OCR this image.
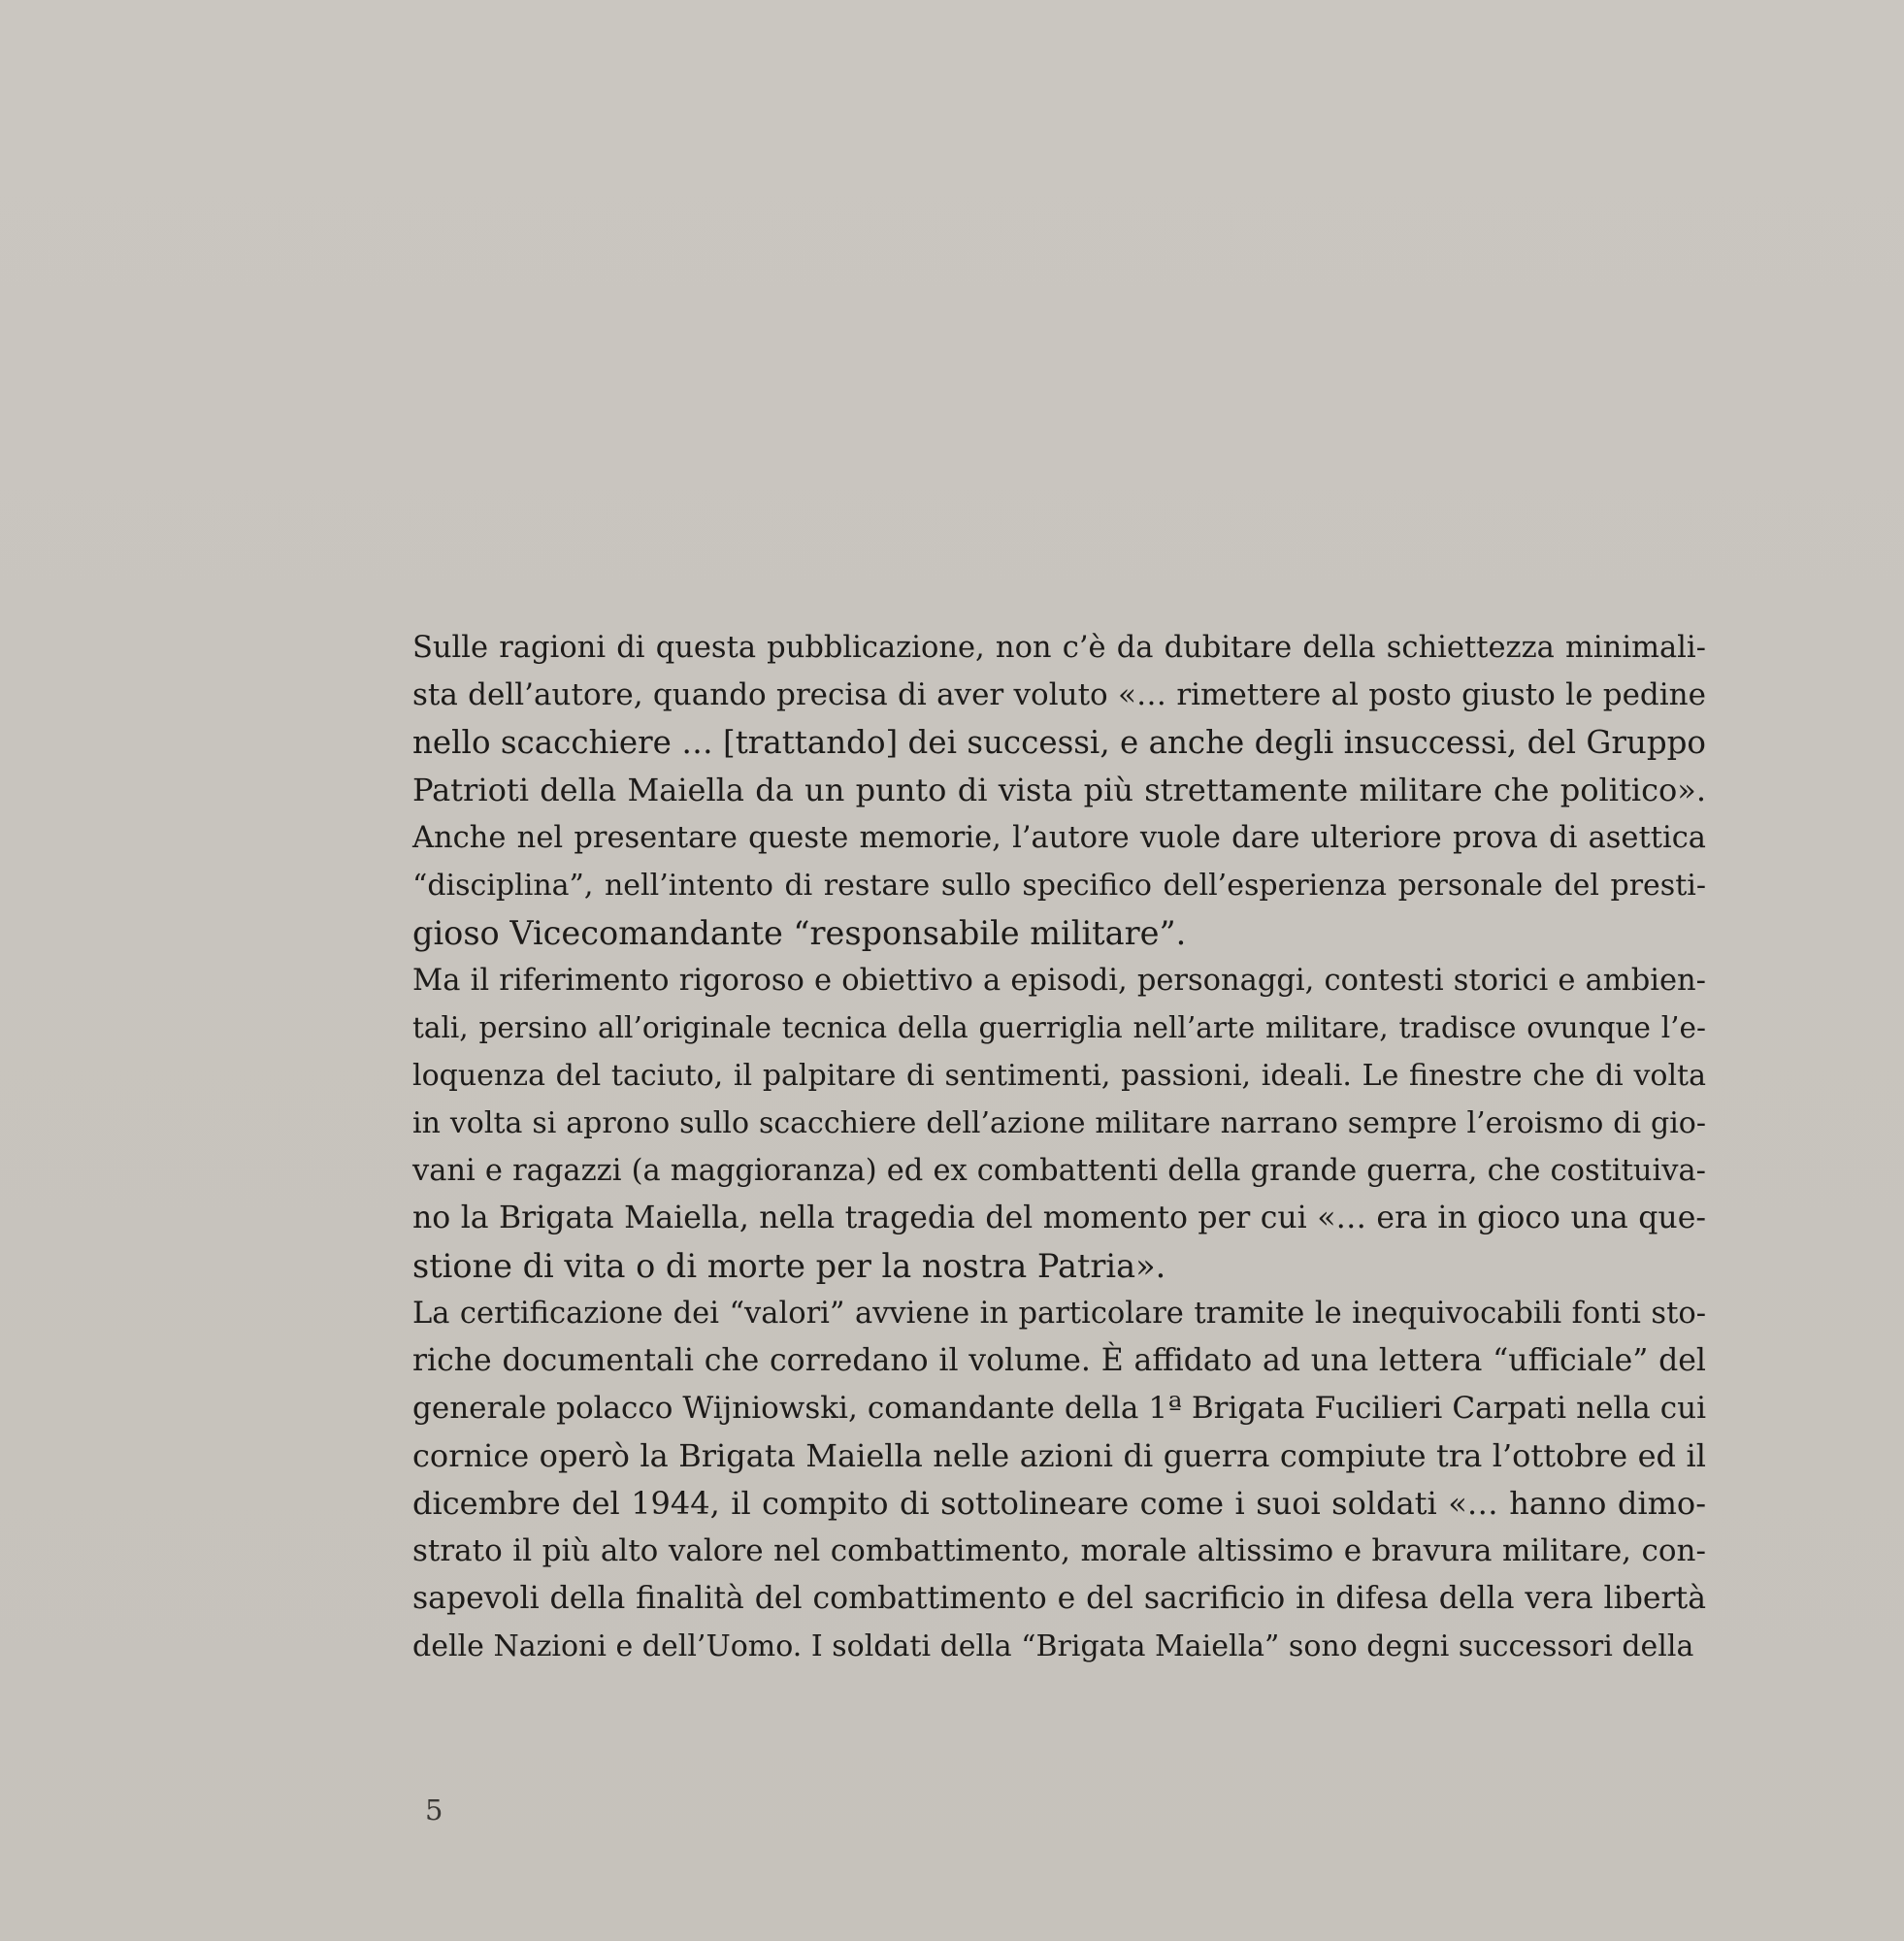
Sulle ragioni di questa pubblicazione, non c’è da dubitare della schiettezza minimali-
sta dell’autore, quando precisa di aver voluto «… rimettere al posto giusto le pedine
nello scacchiere … [trattando] dei successi, e anche degli insuccessi, del Gruppo
Patrioti della Maiella da un punto di vista più strettamente militare che politico».
Anche nel presentare queste memorie, l’autore vuole dare ulteriore prova di asettica
“disciplina”, nell’intento di restare sullo specifico dell’esperienza personale del presti-
gioso Vicecomandante “responsabile militare”.
Ma il riferimento rigoroso e obiettivo a episodi, personaggi, contesti storici e ambien-
tali, persino all’originale tecnica della guerriglia nell’arte militare, tradisce ovunque l’e-
loquenza del taciuto, il palpitare di sentimenti, passioni, ideali. Le finestre che di volta
in volta si aprono sullo scacchiere dell’azione militare narrano sempre l’eroismo di gio-
vani e ragazzi (a maggioranza) ed ex combattenti della grande guerra, che costituiva-
no la Brigata Maiella, nella tragedia del momento per cui «… era in gioco una que-
stione di vita o di morte per la nostra Patria».
La certificazione dei “valori” avviene in particolare tramite le inequivocabili fonti sto-
riche documentali che corredano il volume. È affidato ad una lettera “ufficiale” del
generale polacco Wijniowski, comandante della 1ª Brigata Fucilieri Carpati nella cui
cornice operò la Brigata Maiella nelle azioni di guerra compiute tra l’ottobre ed il
dicembre del 1944, il compito di sottolineare come i suoi soldati «… hanno dimo-
strato il più alto valore nel combattimento, morale altissimo e bravura militare, con-
sapevoli della finalità del combattimento e del sacrificio in difesa della vera libertà
delle Nazioni e dell’Uomo. I soldati della “Brigata Maiella” sono degni successori della
5
